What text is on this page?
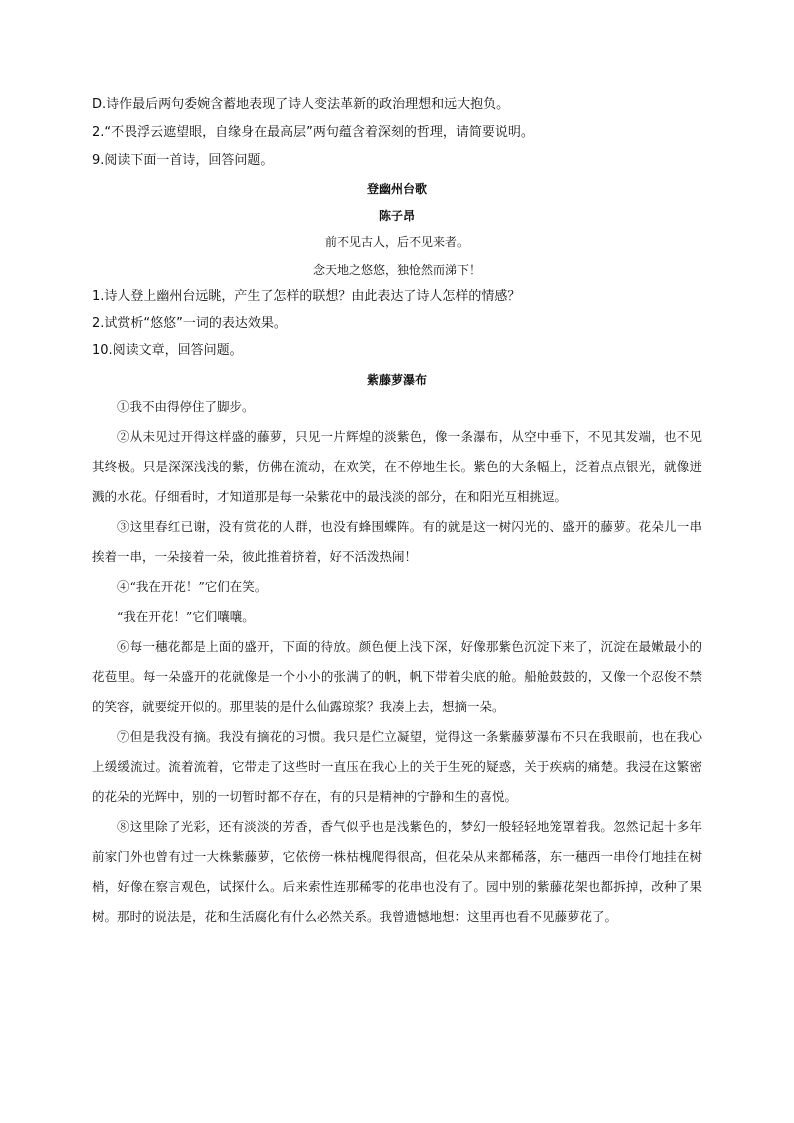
D.诗作最后两句委婉含蓄地表现了诗人变法革新的政治理想和远大抱负。
2.“不畏浮云遮望眼，自缘身在最高层”两句蕴含着深刻的哲理，请简要说明。
9.阅读下面一首诗，回答问题。
登幽州台歌
陈子昂
前不见古人，后不见来者。
念天地之悠悠，独怆然而涕下！
1.诗人登上幽州台远眺，产生了怎样的联想？由此表达了诗人怎样的情感？
2.试赏析“悠悠”一词的表达效果。
10.阅读文章，回答问题。
紫藤萝瀑布

①我不由得停住了脚步。

②从未见过开得这样盛的藤萝，只见一片辉煌的淡紫色，像一条瀑布，从空中垂下，不见其发端，也不见其终极。只是深深浅浅的紫，仿佛在流动，在欢笑，在不停地生长。紫色的大条幅上，泛着点点银光，就像迸溅的水花。仔细看时，才知道那是每一朵紫花中的最浅淡的部分，在和阳光互相挑逗。

③这里春红已谢，没有赏花的人群，也没有蜂围蝶阵。有的就是这一树闪光的、盛开的藤萝。花朵儿一串挨着一串，一朵接着一朵，彼此推着挤着，好不活泼热闹！

④“我在开花！”它们在笑。

“我在开花！”它们嚷嚷。

⑥每一穗花都是上面的盛开，下面的待放。颜色便上浅下深，好像那紫色沉淀下来了，沉淀在最嫩最小的花苞里。每一朵盛开的花就像是一个小小的张满了的帆，帆下带着尖底的舱。船舱鼓鼓的，又像一个忍俊不禁的笑容，就要绽开似的。那里装的是什么仙露琼浆？我凑上去，想摘一朵。

⑦但是我没有摘。我没有摘花的习惯。我只是伫立凝望，觉得这一条紫藤萝瀑布不只在我眼前，也在我心上缓缓流过。流着流着，它带走了这些时一直压在我心上的关于生死的疑惑，关于疾病的痛楚。我浸在这繁密的花朵的光辉中，别的一切暂时都不存在，有的只是精神的宁静和生的喜悦。

⑧这里除了光彩，还有淡淡的芳香，香气似乎也是浅紫色的，梦幻一般轻轻地笼罩着我。忽然记起十多年前家门外也曾有过一大株紫藤萝，它依傍一株枯槐爬得很高，但花朵从来都稀落，东一穗西一串伶仃地挂在树梢，好像在察言观色，试探什么。后来索性连那稀零的花串也没有了。园中别的紫藤花架也都拆掉，改种了果树。那时的说法是，花和生活腐化有什么必然关系。我曾遗憾地想：这里再也看不见藤萝花了。
